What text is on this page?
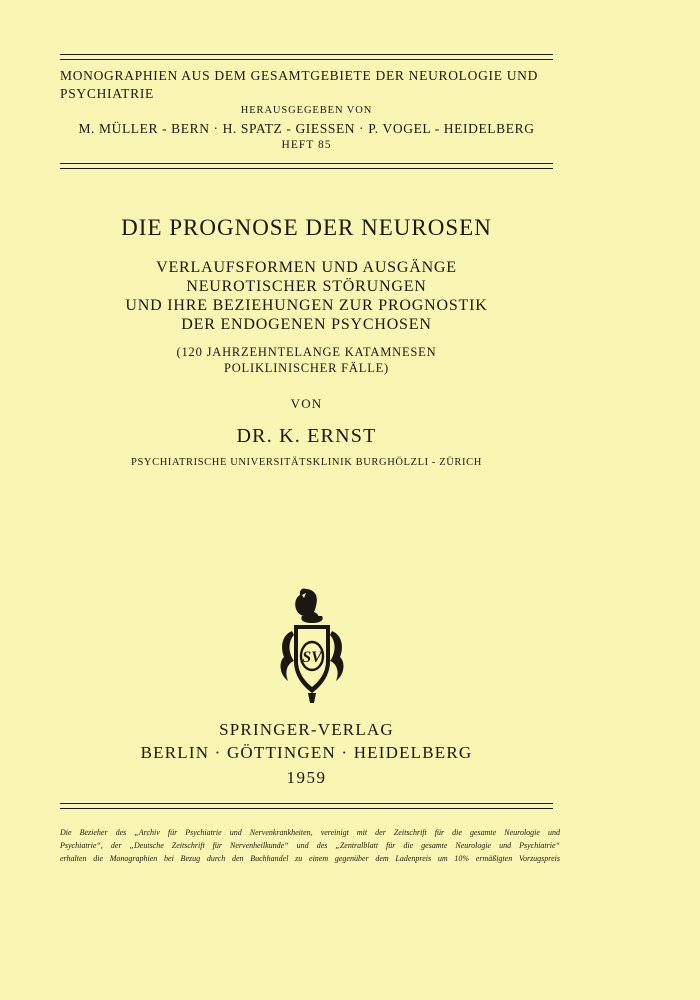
MONOGRAPHIEN AUS DEM GESAMTGEBIETE DER NEUROLOGIE UND
PSYCHIATRIE
HERAUSGEGEBEN VON
M. MÜLLER - BERN · H. SPATZ - GIESSEN · P. VOGEL - HEIDELBERG
HEFT 85
DIE PROGNOSE DER NEUROSEN
VERLAUFSFORMEN UND AUSGÄNGE
NEUROTISCHER STÖRUNGEN
UND IHRE BEZIEHUNGEN ZUR PROGNOSTIK
DER ENDOGENEN PSYCHOSEN
(120 JAHRZEHNTELANGE KATAMNESEN
POLIKLINISCHER FÄLLE)
VON
DR. K. ERNST
PSYCHIATRISCHE UNIVERSITÄTSKLINIK BURGHÖLZLI - ZÜRICH
SV
SPRINGER-VERLAG
BERLIN · GÖTTINGEN · HEIDELBERG
1959
Die Bezieher des „Archiv für Psychiatrie und Nervenkrankheiten, vereinigt mit der Zeitschrift für die gesamte Neurologie und
Psychiatrie“, der „Deutsche Zeitschrift für Nervenheilkunde“ und des „Zentralblatt für die gesamte Neurologie und Psychiatrie“
erhalten die Monographien bei Bezug durch den Buchhandel zu einem gegenüber dem Ladenpreis um 10% ermäßigten Vorzugspreis
